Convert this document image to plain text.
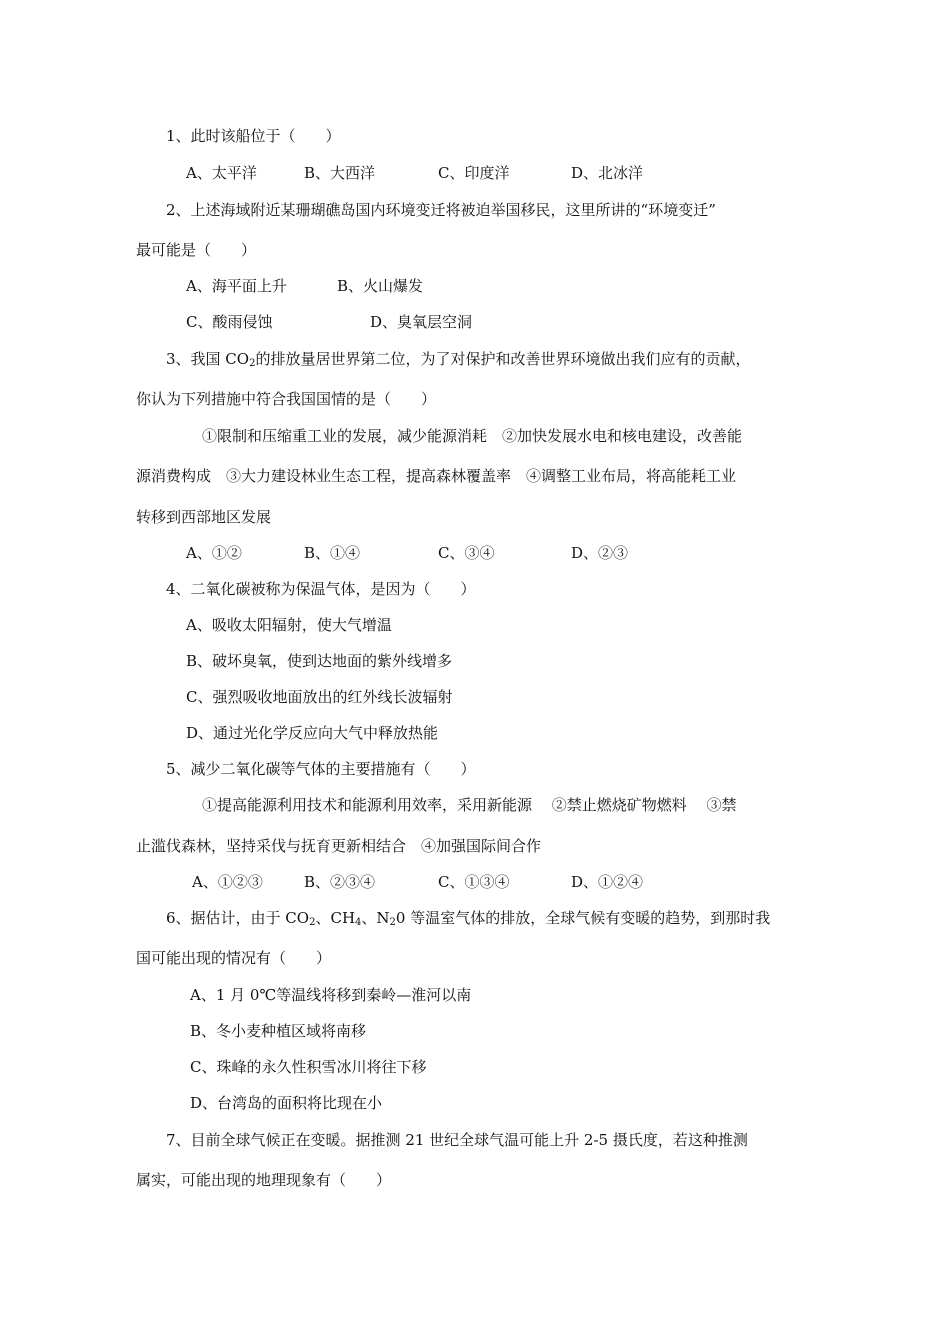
1、此时该船位于（　　）
A、太平洋	B、大西洋	C、印度洋	D、北冰洋
2、上述海域附近某珊瑚礁岛国内环境变迁将被迫举国移民，这里所讲的“环境变迁”
最可能是（　　）
A、海平面上升	B、火山爆发
C、酸雨侵蚀	D、臭氧层空洞
3、我国 $CO_2$的排放量居世界第二位，为了对保护和改善世界环境做出我们应有的贡献，
你认为下列措施中符合我国国情的是（　　）
①限制和压缩重工业的发展，减少能源消耗　②加快发展水电和核电建设，改善能
源消费构成　③大力建设林业生态工程，提高森林覆盖率　④调整工业布局，将高能耗工业
转移到西部地区发展
A、①②	B、①④	C、③④	D、②③
4、二氧化碳被称为保温气体，是因为（　　）
A、吸收太阳辐射，使大气增温
B、破坏臭氧，使到达地面的紫外线增多
C、强烈吸收地面放出的红外线长波辐射
D、通过光化学反应向大气中释放热能
5、减少二氧化碳等气体的主要措施有（　　）
①提高能源利用技术和能源利用效率，采用新能源　 ②禁止燃烧矿物燃料　 ③禁
止滥伐森林，坚持采伐与抚育更新相结合　④加强国际间合作
A、①②③	B、②③④	C、①③④	D、①②④
6、据估计，由于 $CO_2$、$CH_4$、$N_20$ 等温室气体的排放，全球气候有变暖的趋势，到那时我
国可能出现的情况有（　　）
A、1 月 0℃等温线将移到秦岭—淮河以南
B、冬小麦种植区域将南移
C、珠峰的永久性积雪冰川将往下移
D、台湾岛的面积将比现在小
7、目前全球气候正在变暖。据推测 21 世纪全球气温可能上升 2-5 摄氏度，若这种推测
属实，可能出现的地理现象有（　　）
